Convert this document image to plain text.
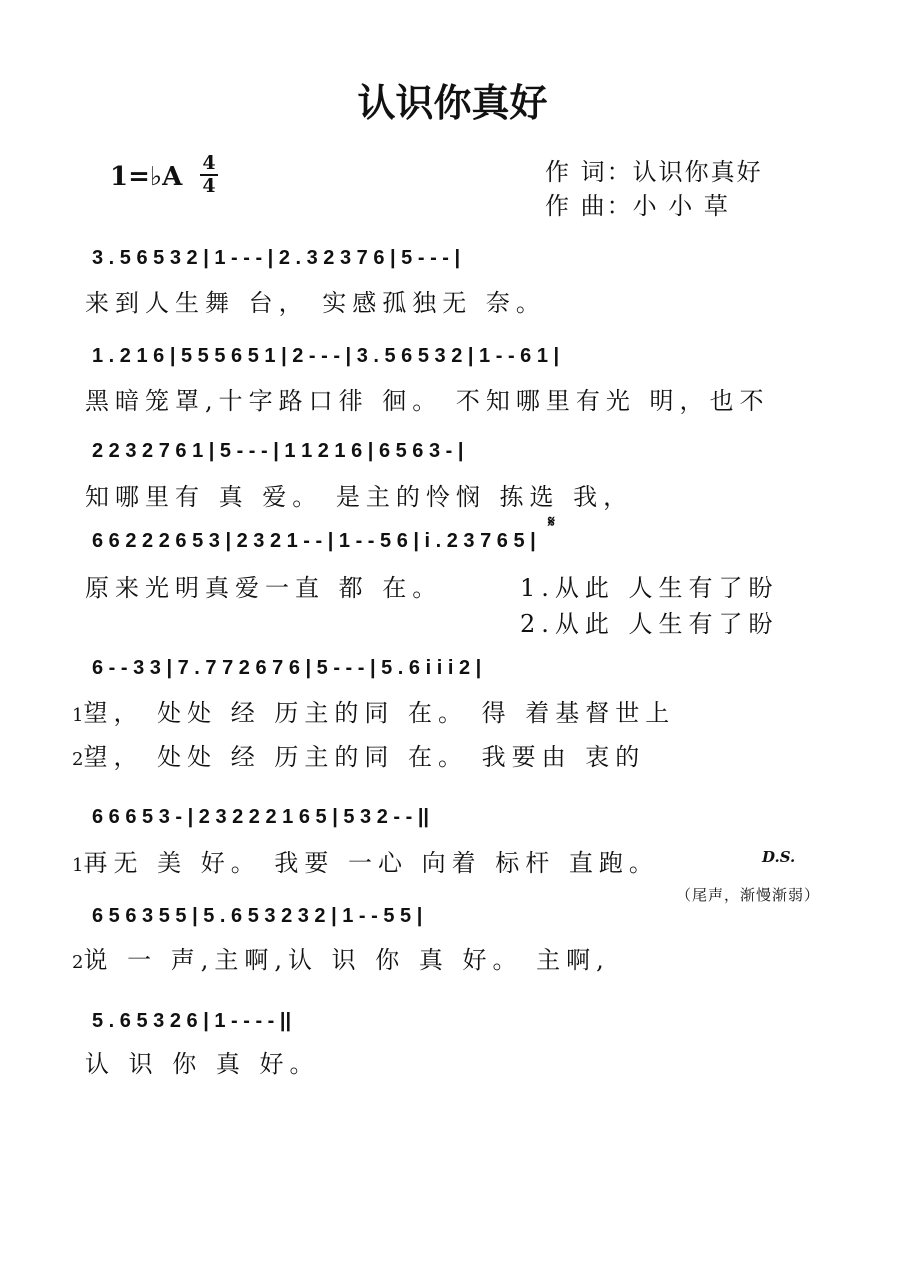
认识你真好
1=♭A 4
4	作 词：认识你真好
作 曲：小 小 草
3 . 5 6 5 3 2 | 1 - - - | 2 . 3 2 3 7 6 | 5 - - - |
1 . 2 1 6 | 5 5 5 6 5 1 | 2 - - - | 3 . 5 6 5 3 2 | 1 - - 6 1 |
2 2 3 2 7 6 1 | 5 - - - | 1 1 2 1 6 | 6 5 6 3 - |
6 6 2 2 2 6 5 3 | 2 3 2 1 - - | 1 - - 5 6 | i . 2 3 7 6 5 |
6 - - 3 3 | 7 . 7 7 2 6 7 6 | 5 - - - | 5 . 6 i i i 2 |
6 6 6 5 3 - | 2 3 2 2 2 1 6 5 | 5 3 2 - - ||
6 5 6 3 5 5 | 5 . 6 5 3 2 3 2 | 1 - - 5 5 |
5 . 6 5 3 2 6 | 1 - - - - ||
来到人生舞 台， 实感孤独无 奈。
黑暗笼罩,十字路口徘 徊。 不知哪里有光 明，也不
知哪里有 真 爱。 是主的怜悯 拣选 我，
原来光明真爱一直 都 在。	1.从此 人生有了盼
2.从此 人生有了盼
1望， 处处 经 历主的同 在。 得 着基督世上
2望， 处处 经 历主的同 在。 我要由 衷的
1再无 美 好。 我要 一心 向着 标杆 直跑。
2说 一 声,主啊,认 识 你 真 好。 主啊,
认 识 你 真 好。
D.S.
（尾声，渐慢渐弱）
𝄋
